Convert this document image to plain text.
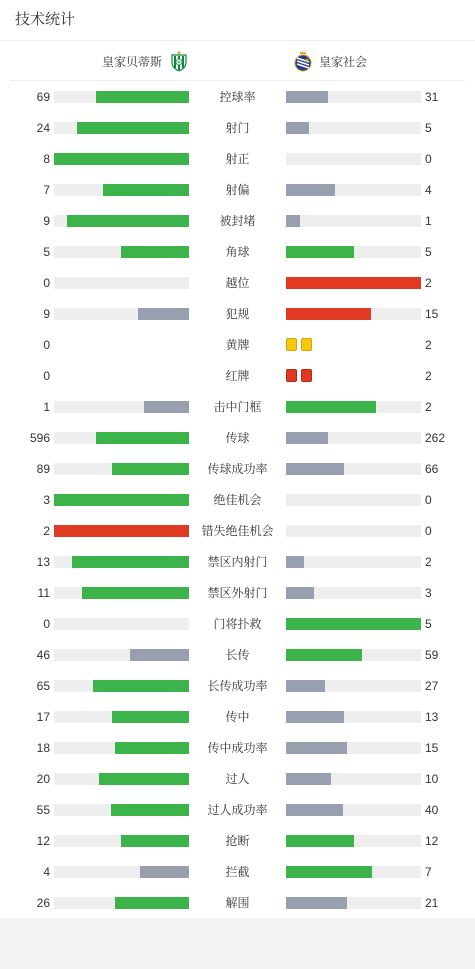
技术统计
皇家贝蒂斯	皇家社会
69	控球率	31
24	射门	5
8	射正	0
7	射偏	4
9	被封堵	1
5	角球	5
0	越位	2
9	犯规	15
0	黄牌	2
0	红牌	2
1	击中门框	2
596	传球	262
89	传球成功率	66
3	绝佳机会	0
2	错失绝佳机会	0
13	禁区内射门	2
11	禁区外射门	3
0	门将扑救	5
46	长传	59
65	长传成功率	27
17	传中	13
18	传中成功率	15
20	过人	10
55	过人成功率	40
12	抢断	12
4	拦截	7
26	解围	21
